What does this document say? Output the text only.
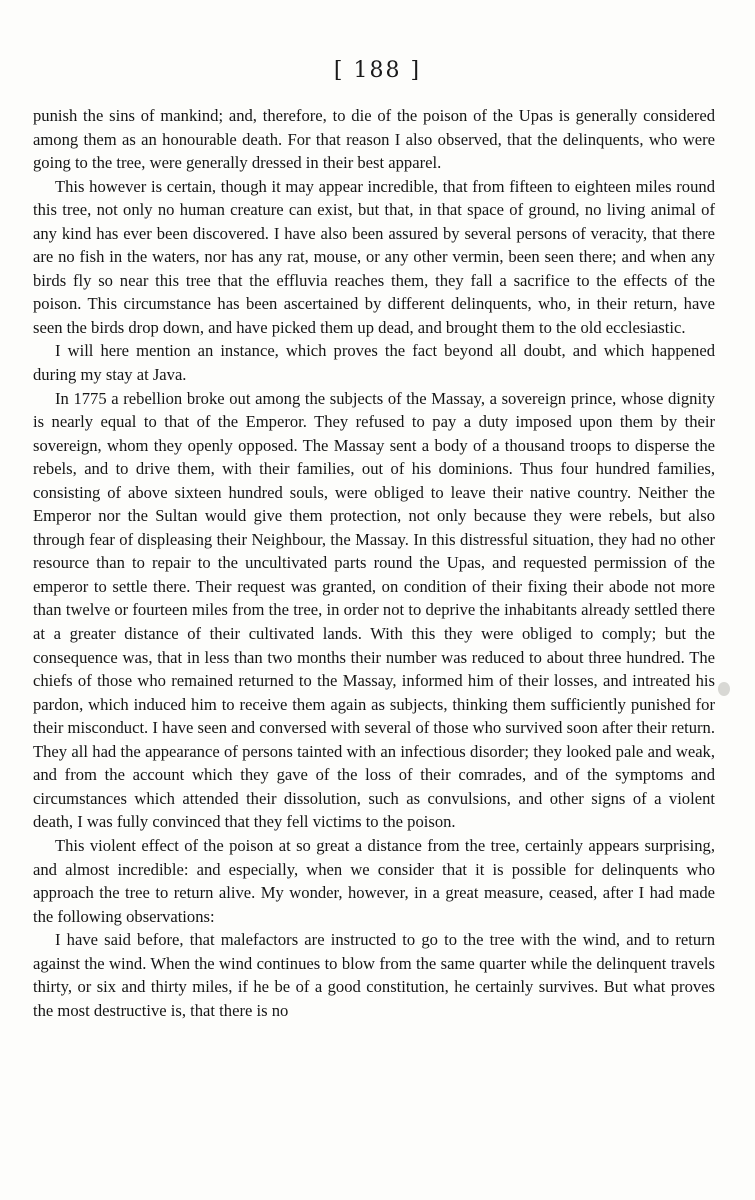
[ 188 ]

punish the sins of mankind; and, therefore, to die of the poison of the Upas is generally considered among them as an honourable death. For that reason I also observed, that the delinquents, who were going to the tree, were generally dressed in their best apparel.

This however is certain, though it may appear incredible, that from fifteen to eighteen miles round this tree, not only no human creature can exist, but that, in that space of ground, no living animal of any kind has ever been discovered. I have also been assured by several persons of veracity, that there are no fish in the waters, nor has any rat, mouse, or any other vermin, been seen there; and when any birds fly so near this tree that the effluvia reaches them, they fall a sacrifice to the effects of the poison. This circumstance has been ascertained by different delinquents, who, in their return, have seen the birds drop down, and have picked them up dead, and brought them to the old ecclesiastic.

I will here mention an instance, which proves the fact beyond all doubt, and which happened during my stay at Java.

In 1775 a rebellion broke out among the subjects of the Massay, a sovereign prince, whose dignity is nearly equal to that of the Emperor. They refused to pay a duty imposed upon them by their sovereign, whom they openly opposed. The Massay sent a body of a thousand troops to disperse the rebels, and to drive them, with their families, out of his dominions. Thus four hundred families, consisting of above sixteen hundred souls, were obliged to leave their native country. Neither the Emperor nor the Sultan would give them protection, not only because they were rebels, but also through fear of displeasing their Neighbour, the Massay. In this distressful situation, they had no other resource than to repair to the uncultivated parts round the Upas, and requested permission of the emperor to settle there. Their request was granted, on condition of their fixing their abode not more than twelve or fourteen miles from the tree, in order not to deprive the inhabitants already settled there at a greater distance of their cultivated lands. With this they were obliged to comply; but the consequence was, that in less than two months their number was reduced to about three hundred. The chiefs of those who remained returned to the Massay, informed him of their losses, and intreated his pardon, which induced him to receive them again as subjects, thinking them sufficiently punished for their misconduct. I have seen and conversed with several of those who survived soon after their return. They all had the appearance of persons tainted with an infectious disorder; they looked pale and weak, and from the account which they gave of the loss of their comrades, and of the symptoms and circumstances which attended their dissolution, such as convulsions, and other signs of a violent death, I was fully convinced that they fell victims to the poison.

This violent effect of the poison at so great a distance from the tree, certainly appears surprising, and almost incredible: and especially, when we consider that it is possible for delinquents who approach the tree to return alive. My wonder, however, in a great measure, ceased, after I had made the following observations:

I have said before, that malefactors are instructed to go to the tree with the wind, and to return against the wind. When the wind continues to blow from the same quarter while the delinquent travels thirty, or six and thirty miles, if he be of a good constitution, he certainly survives. But what proves the most destructive is, that there is no
